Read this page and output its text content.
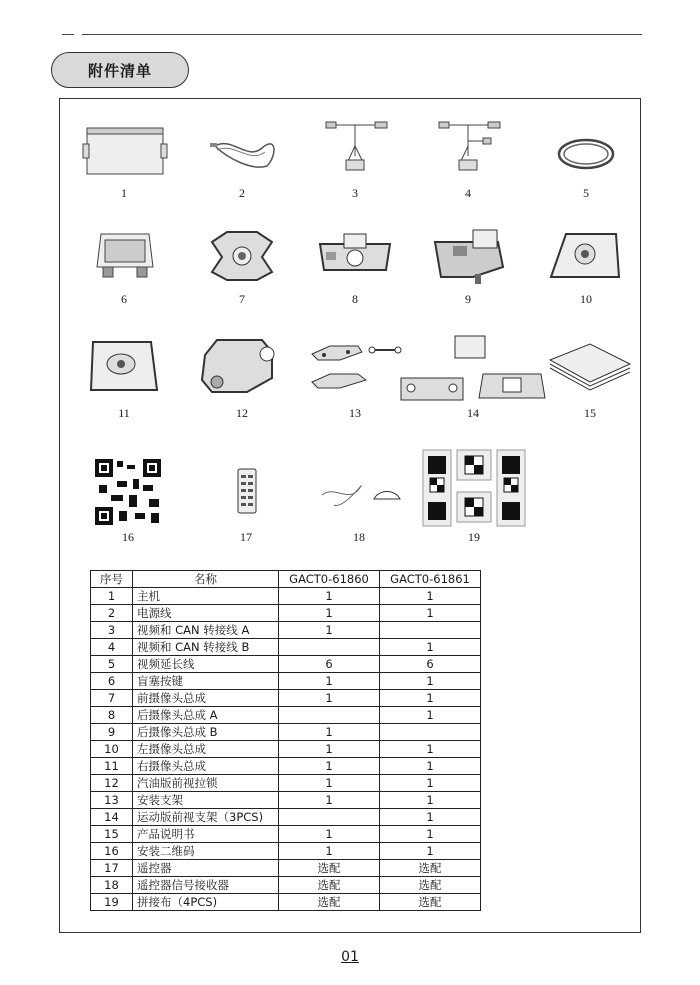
附件清单
1	2	3	4	5
6	7	8	9	10
11	12	13	14	15
16	17	18	19
序号	名称	GACT0-61860	GACT0-61861
1	主机	1	1
2	电源线	1	1
3	视频和 CAN 转接线 A	1	
4	视频和 CAN 转接线 B		1
5	视频延长线	6	6
6	盲塞按键	1	1
7	前摄像头总成	1	1
8	后摄像头总成 A		1
9	后摄像头总成 B	1	
10	左摄像头总成	1	1
11	右摄像头总成	1	1
12	汽油版前视拉锁	1	1
13	安装支架	1	1
14	运动版前视支架（3PCS)		1
15	产品说明书	1	1
16	安装二维码	1	1
17	遥控器	选配	选配
18	遥控器信号接收器	选配	选配
19	拼接布（4PCS)	选配	选配
01
